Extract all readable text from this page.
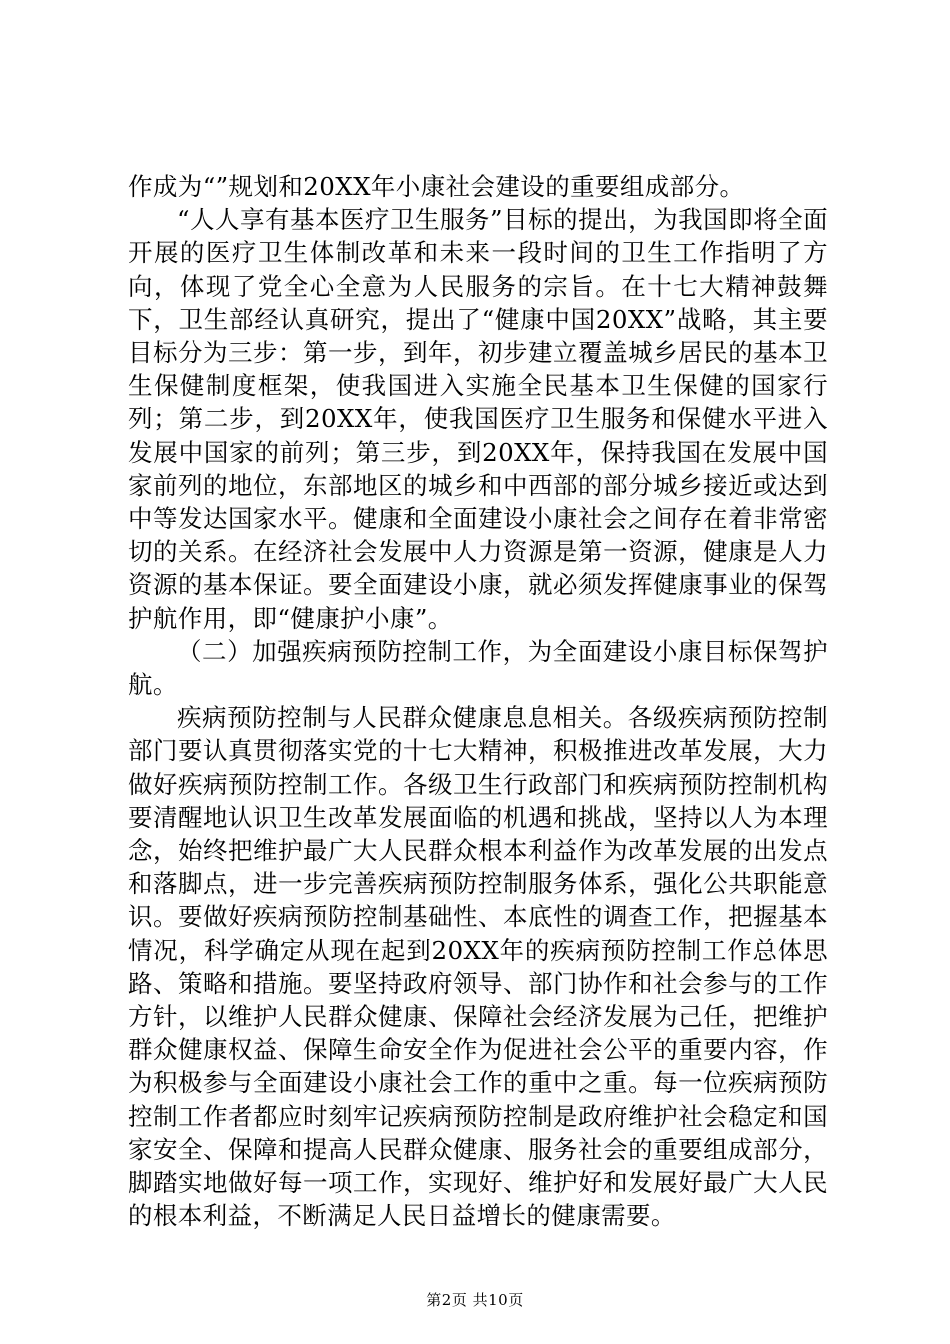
作成为“”规划和20XX年小康社会建设的重要组成部分。

“人人享有基本医疗卫生服务”目标的提出，为我国即将全面开展的医疗卫生体制改革和未来一段时间的卫生工作指明了方向，体现了党全心全意为人民服务的宗旨。在十七大精神鼓舞下，卫生部经认真研究，提出了“健康中国20XX”战略，其主要目标分为三步：第一步，到年，初步建立覆盖城乡居民的基本卫生保健制度框架，使我国进入实施全民基本卫生保健的国家行列；第二步，到20XX年，使我国医疗卫生服务和保健水平进入发展中国家的前列；第三步，到20XX年，保持我国在发展中国家前列的地位，东部地区的城乡和中西部的部分城乡接近或达到中等发达国家水平。健康和全面建设小康社会之间存在着非常密切的关系。在经济社会发展中人力资源是第一资源，健康是人力资源的基本保证。要全面建设小康，就必须发挥健康事业的保驾护航作用，即“健康护小康”。

（二）加强疾病预防控制工作，为全面建设小康目标保驾护航。

疾病预防控制与人民群众健康息息相关。各级疾病预防控制部门要认真贯彻落实党的十七大精神，积极推进改革发展，大力做好疾病预防控制工作。各级卫生行政部门和疾病预防控制机构要清醒地认识卫生改革发展面临的机遇和挑战，坚持以人为本理念，始终把维护最广大人民群众根本利益作为改革发展的出发点和落脚点，进一步完善疾病预防控制服务体系，强化公共职能意识。要做好疾病预防控制基础性、本底性的调查工作，把握基本情况，科学确定从现在起到20XX年的疾病预防控制工作总体思路、策略和措施。要坚持政府领导、部门协作和社会参与的工作方针，以维护人民群众健康、保障社会经济发展为己任，把维护群众健康权益、保障生命安全作为促进社会公平的重要内容，作为积极参与全面建设小康社会工作的重中之重。每一位疾病预防控制工作者都应时刻牢记疾病预防控制是政府维护社会稳定和国家安全、保障和提高人民群众健康、服务社会的重要组成部分，脚踏实地做好每一项工作，实现好、维护好和发展好最广大人民的根本利益，不断满足人民日益增长的健康需要。

第2页 共10页
